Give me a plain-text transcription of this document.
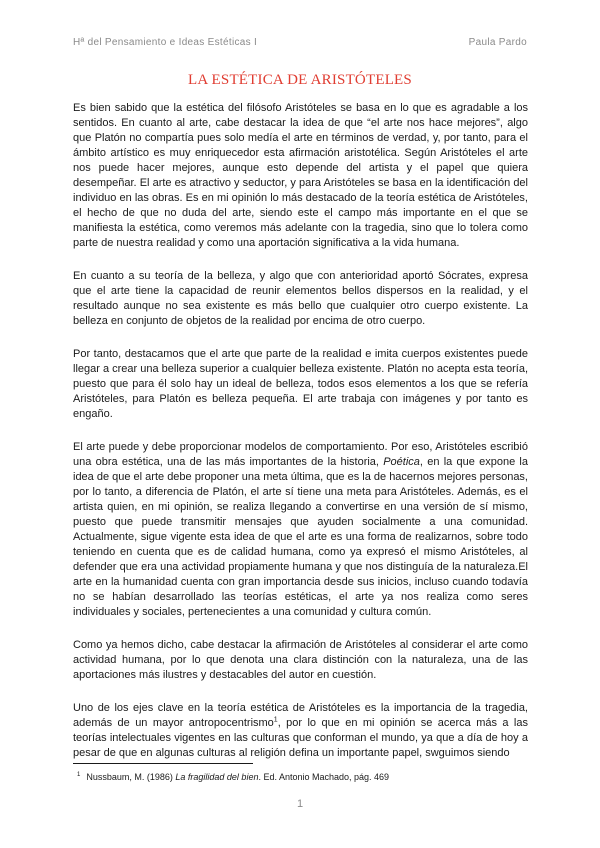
Hª del Pensamiento e Ideas Estéticas I	Paula Pardo
LA ESTÉTICA DE ARISTÓTELES

Es bien sabido que la estética del filósofo Aristóteles se basa en lo que es agradable a los sentidos. En cuanto al arte, cabe destacar la idea de que “el arte nos hace mejores”, algo que Platón no compartía pues solo medía el arte en términos de verdad, y, por tanto, para el ámbito artístico es muy enriquecedor esta afirmación aristotélica. Según Aristóteles el arte nos puede hacer mejores, aunque esto depende del artista y el papel que quiera desempeñar. El arte es atractivo y seductor, y para Aristóteles se basa en la identificación del individuo en las obras. Es en mi opinión lo más destacado de la teoría estética de Aristóteles, el hecho de que no duda del arte, siendo este el campo más importante en el que se manifiesta la estética, como veremos más adelante con la tragedia, sino que lo tolera como parte de nuestra realidad y como una aportación significativa a la vida humana.

En cuanto a su teoría de la belleza, y algo que con anterioridad aportó Sócrates, expresa que el arte tiene la capacidad de reunir elementos bellos dispersos en la realidad, y el resultado aunque no sea existente es más bello que cualquier otro cuerpo existente. La belleza en conjunto de objetos de la realidad por encima de otro cuerpo.

Por tanto, destacamos que el arte que parte de la realidad e imita cuerpos existentes puede llegar a crear una belleza superior a cualquier belleza existente. Platón no acepta esta teoría, puesto que para él solo hay un ideal de belleza, todos esos elementos a los que se refería Aristóteles, para Platón es belleza pequeña. El arte trabaja con imágenes y por tanto es engaño.

El arte puede y debe proporcionar modelos de comportamiento. Por eso, Aristóteles escribió una obra estética, una de las más importantes de la historia, Poética, en la que expone la idea de que el arte debe proponer una meta última, que es la de hacernos mejores personas, por lo tanto, a diferencia de Platón, el arte sí tiene una meta para Aristóteles. Además, es el artista quien, en mi opinión, se realiza llegando a convertirse en una versión de sí mismo, puesto que puede transmitir mensajes que ayuden socialmente a una comunidad. Actualmente, sigue vigente esta idea de que el arte es una forma de realizarnos, sobre todo teniendo en cuenta que es de calidad humana, como ya expresó el mismo Aristóteles, al defender que era una actividad propiamente humana y que nos distinguía de la naturaleza.El arte en la humanidad cuenta con gran importancia desde sus inicios, incluso cuando todavía no se habían desarrollado las teorías estéticas, el arte ya nos realiza como seres individuales y sociales, pertenecientes a una comunidad y cultura común.

Como ya hemos dicho, cabe destacar la afirmación de Aristóteles al considerar el arte como actividad humana, por lo que denota una clara distinción con la naturaleza, una de las aportaciones más ilustres y destacables del autor en cuestión.

Uno de los ejes clave en la teoría estética de Aristóteles es la importancia de la tragedia, además de un mayor antropocentrismo$^1$, por lo que en mi opinión se acerca más a las teorías intelectuales vigentes en las culturas que conforman el mundo, ya que a día de hoy a pesar de que en algunas culturas al religión defina un importante papel, swguimos siendo

$^1$ Nussbaum, M. (1986) La fragilidad del bien. Ed. Antonio Machado, pág. 469
1
